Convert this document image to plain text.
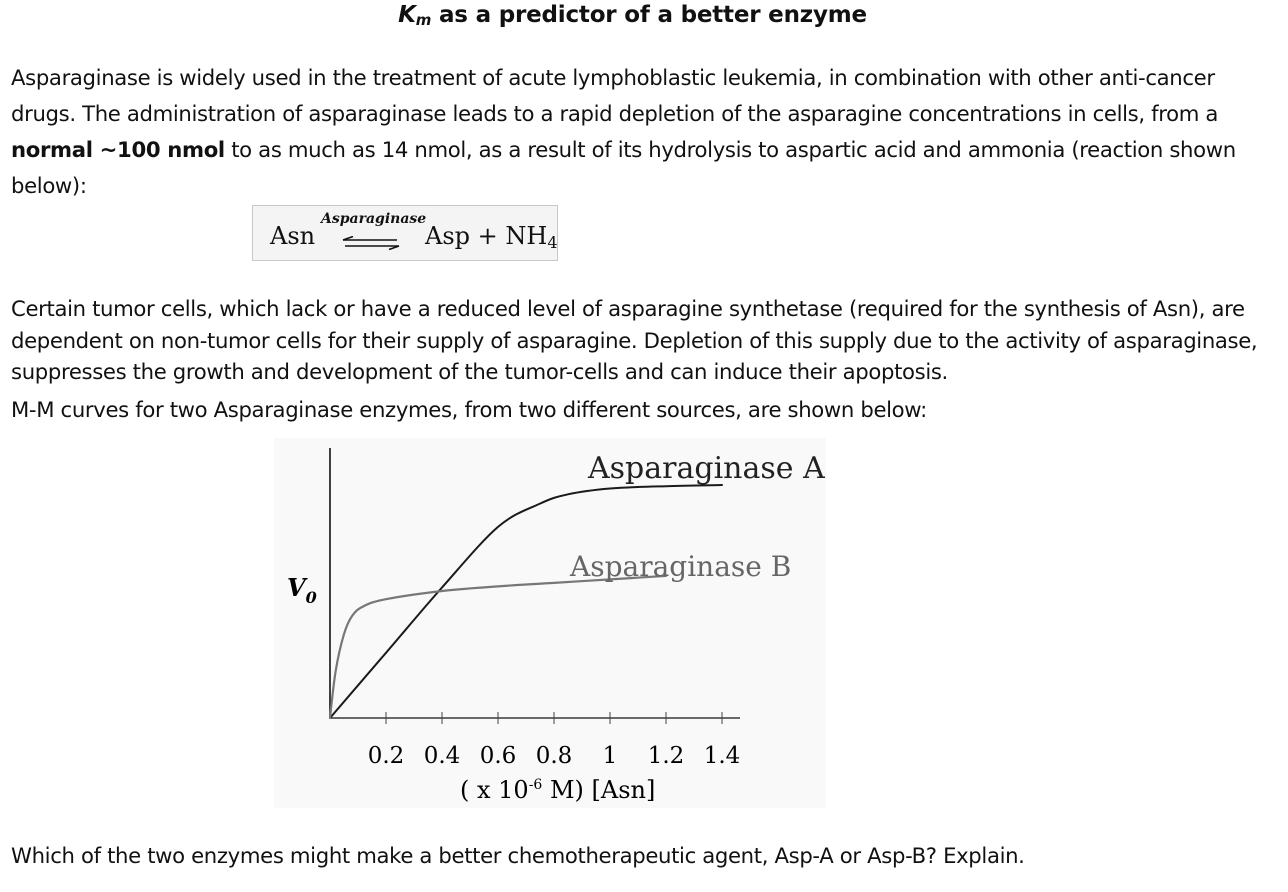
$K_m$ as a predictor of a better enzyme
Asparaginase is widely used in the treatment of acute lymphoblastic leukemia, in combination with other anti-cancer drugs. The administration of asparaginase leads to a rapid depletion of the asparagine concentrations in cells, from a normal ~100 nmol to as much as 14 nmol, as a result of its hydrolysis to aspartic acid and ammonia (reaction shown below):
Asn
Asparaginase
⇌ Asp + $NH_4$
Certain tumor cells, which lack or have a reduced level of asparagine synthetase (required for the synthesis of Asn), are dependent on non-tumor cells for their supply of asparagine. Depletion of this supply due to the activity of asparaginase, suppresses the growth and development of the tumor-cells and can induce their apoptosis.
M-M curves for two Asparaginase enzymes, from two different sources, are shown below:
0.2 0.4 0.6 0.8 1 1.2 1.4
Asparaginase A
Asparaginase B
$V_0$
( x $10^{-6}$ M) [Asn]
Which of the two enzymes might make a better chemotherapeutic agent, Asp-A or Asp-B? Explain.
